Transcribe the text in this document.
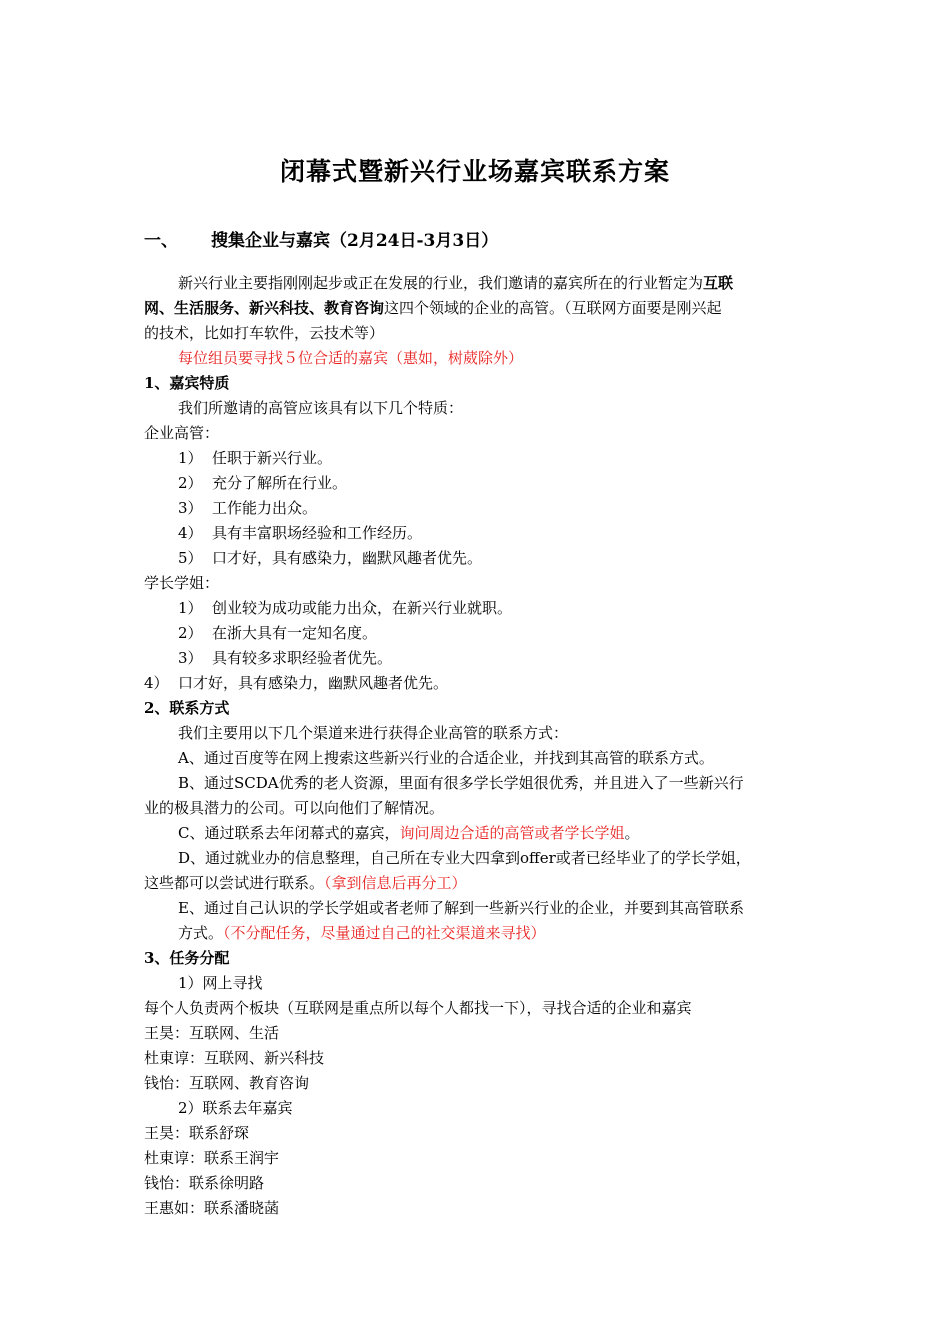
闭幕式暨新兴行业场嘉宾联系方案
一、 搜集企业与嘉宾（2月24日-3月3日）
新兴行业主要指刚刚起步或正在发展的行业，我们邀请的嘉宾所在的行业暂定为互联
网、生活服务、新兴科技、教育咨询这四个领域的企业的高管。（互联网方面要是刚兴起
的技术，比如打车软件，云技术等）
每位组员要寻找５位合适的嘉宾（惠如，树葳除外）
1、嘉宾特质
我们所邀请的高管应该具有以下几个特质：
企业高管：
1） 任职于新兴行业。
2） 充分了解所在行业。
3） 工作能力出众。
4） 具有丰富职场经验和工作经历。
5） 口才好，具有感染力，幽默风趣者优先。
学长学姐：
1） 创业较为成功或能力出众，在新兴行业就职。
2） 在浙大具有一定知名度。
3） 具有较多求职经验者优先。
4） 口才好，具有感染力，幽默风趣者优先。
2、联系方式
我们主要用以下几个渠道来进行获得企业高管的联系方式：
A、通过百度等在网上搜索这些新兴行业的合适企业，并找到其高管的联系方式。
B、通过SCDA优秀的老人资源，里面有很多学长学姐很优秀，并且进入了一些新兴行
业的极具潜力的公司。可以向他们了解情况。
C、通过联系去年闭幕式的嘉宾，询问周边合适的高管或者学长学姐。
D、通过就业办的信息整理，自己所在专业大四拿到offer或者已经毕业了的学长学姐，
这些都可以尝试进行联系。（拿到信息后再分工）
E、通过自己认识的学长学姐或者老师了解到一些新兴行业的企业，并要到其高管联系
方式。（不分配任务，尽量通过自己的社交渠道来寻找）
3、任务分配
1）网上寻找
每个人负责两个板块（互联网是重点所以每个人都找一下），寻找合适的企业和嘉宾
王昊：互联网、生活
杜東谆：互联网、新兴科技
钱怡：互联网、教育咨询
2）联系去年嘉宾
王昊：联系舒琛
杜東谆：联系王润宇
钱怡：联系徐明路
王惠如：联系潘晓菡
